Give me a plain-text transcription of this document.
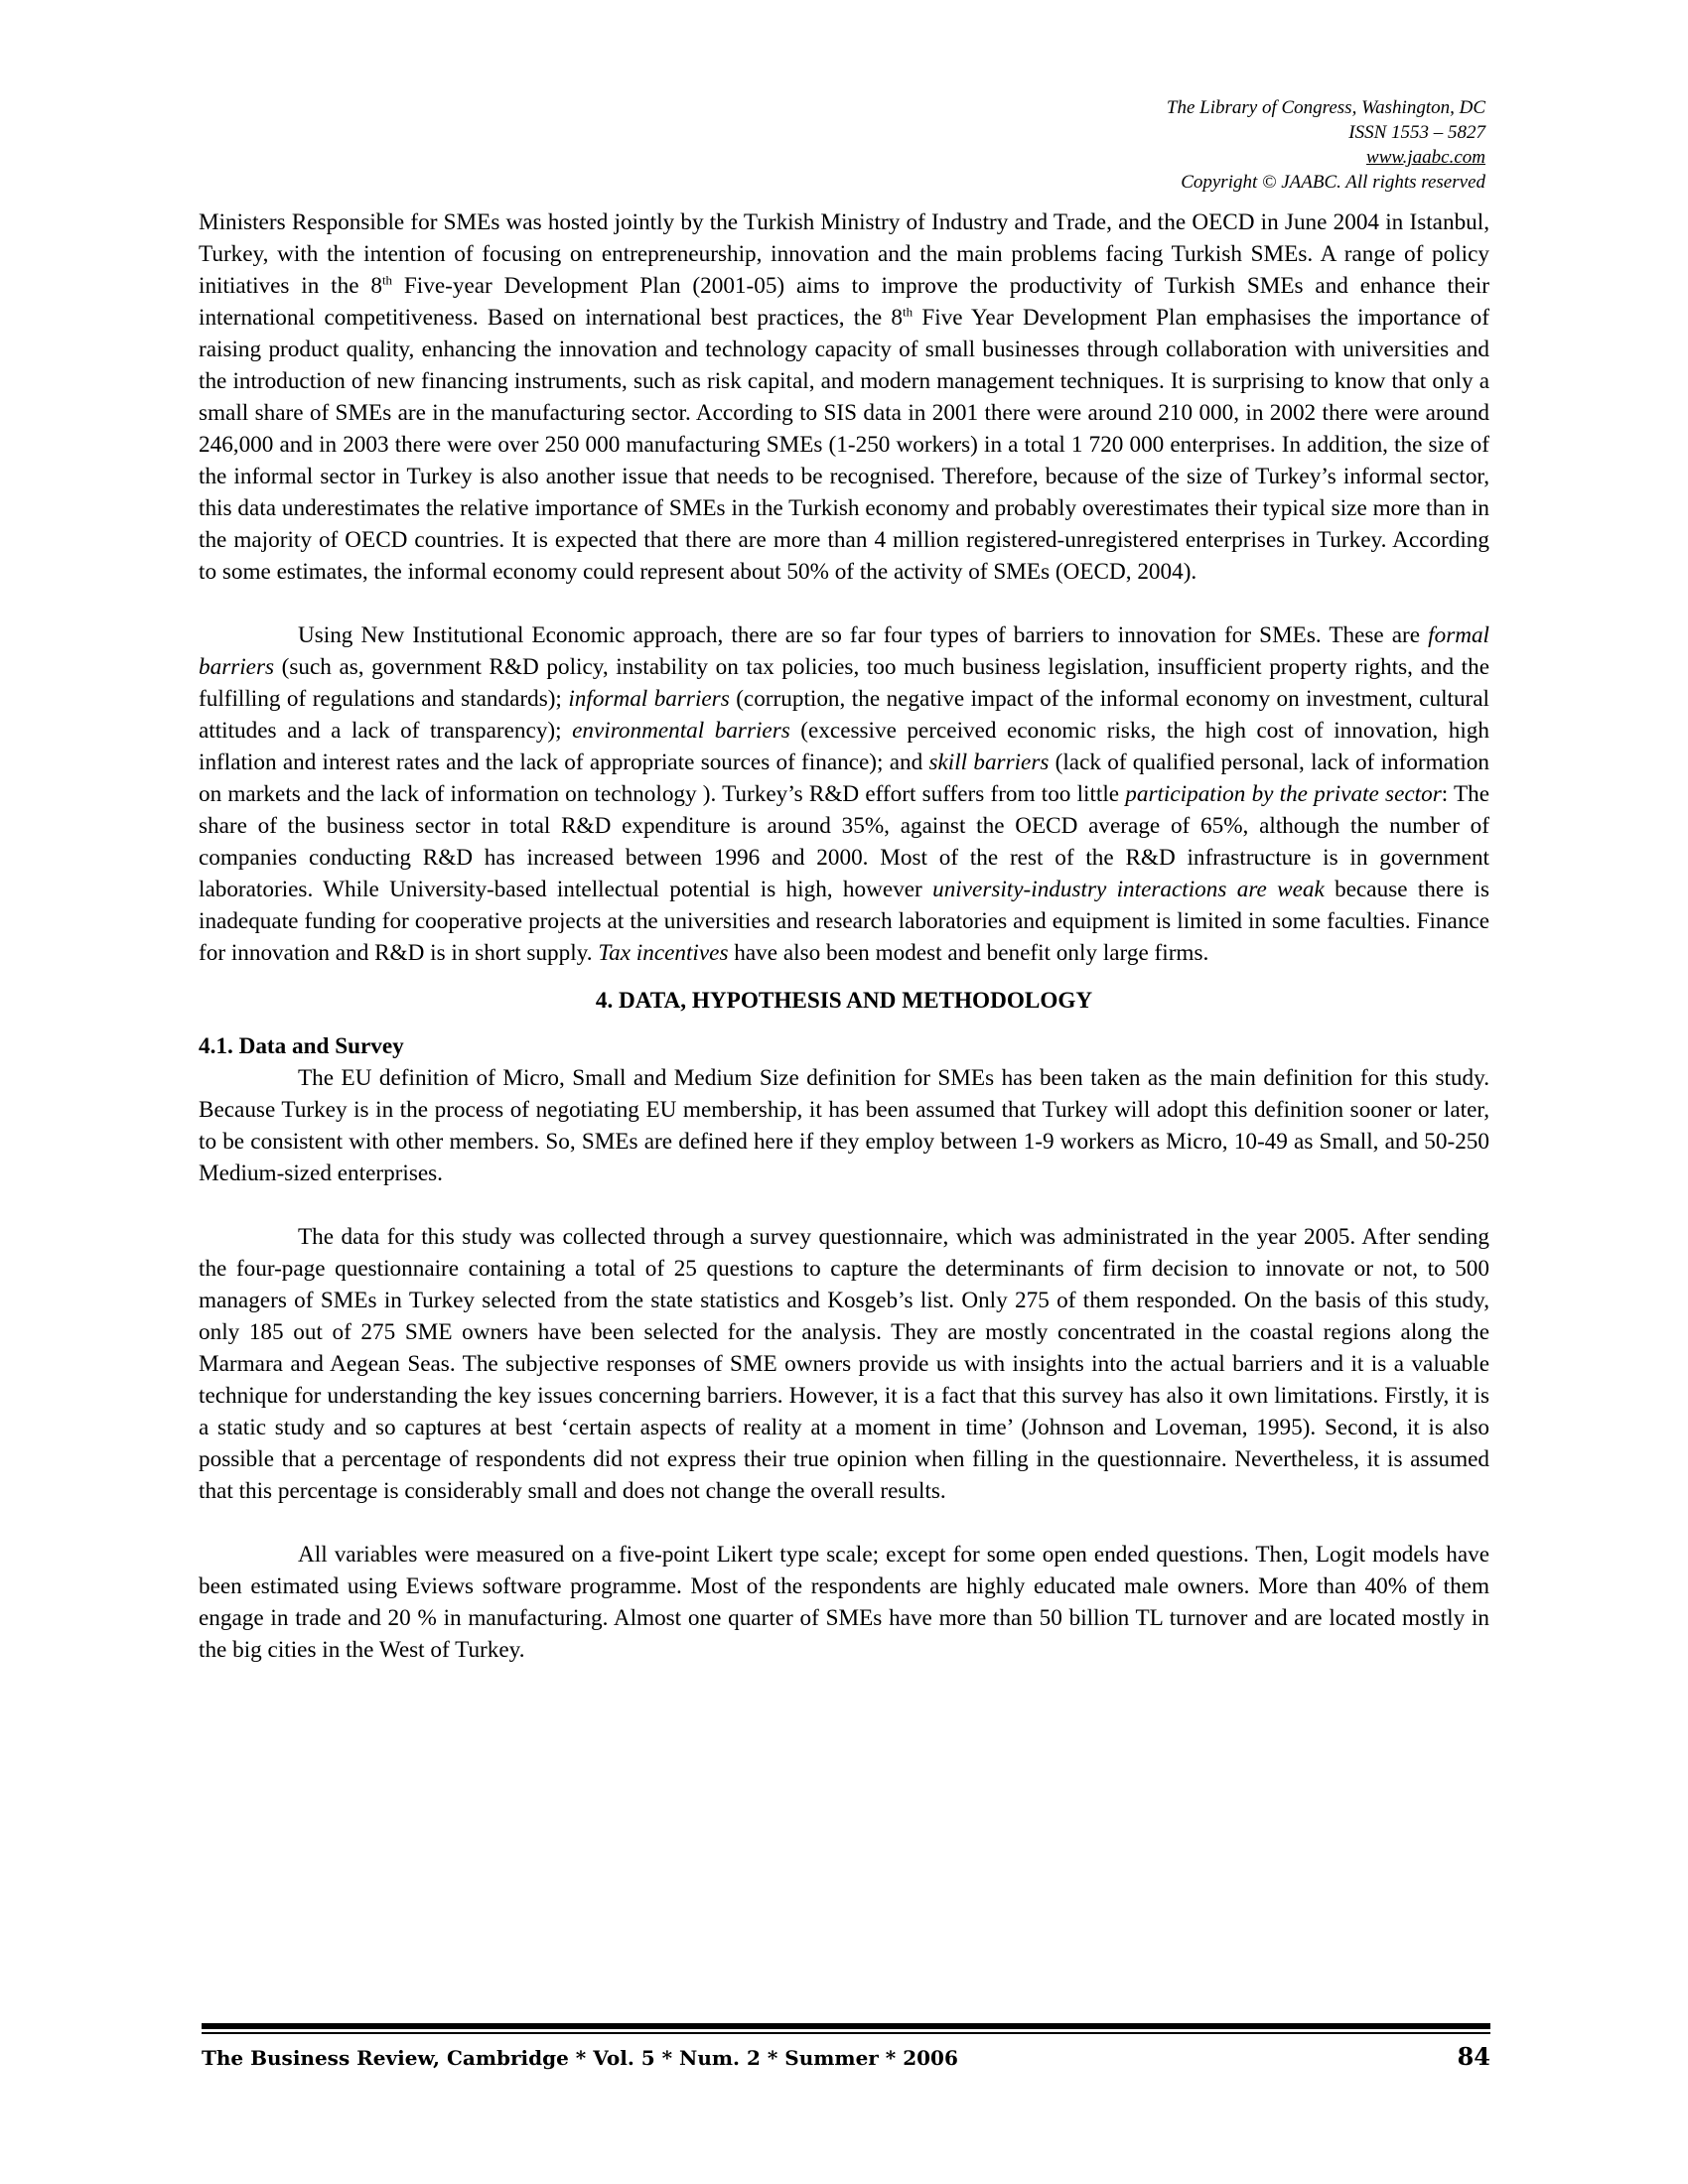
The Library of Congress, Washington, DC
ISSN 1553 – 5827
www.jaabc.com
Copyright © JAABC. All rights reserved

Ministers Responsible for SMEs was hosted jointly by the Turkish Ministry of Industry and Trade, and the OECD in June 2004 in Istanbul, Turkey, with the intention of focusing on entrepreneurship, innovation and the main problems facing Turkish SMEs. A range of policy initiatives in the 8th Five-year Development Plan (2001-05) aims to improve the productivity of Turkish SMEs and enhance their international competitiveness. Based on international best practices, the 8th Five Year Development Plan emphasises the importance of raising product quality, enhancing the innovation and technology capacity of small businesses through collaboration with universities and the introduction of new financing instruments, such as risk capital, and modern management techniques. It is surprising to know that only a small share of SMEs are in the manufacturing sector. According to SIS data in 2001 there were around 210 000, in 2002 there were around 246,000 and in 2003 there were over 250 000 manufacturing SMEs (1-250 workers) in a total 1 720 000 enterprises. In addition, the size of the informal sector in Turkey is also another issue that needs to be recognised. Therefore, because of the size of Turkey’s informal sector, this data underestimates the relative importance of SMEs in the Turkish economy and probably overestimates their typical size more than in the majority of OECD countries. It is expected that there are more than 4 million registered-unregistered enterprises in Turkey. According to some estimates, the informal economy could represent about 50% of the activity of SMEs (OECD, 2004).

Using New Institutional Economic approach, there are so far four types of barriers to innovation for SMEs. These are formal barriers (such as, government R&D policy, instability on tax policies, too much business legislation, insufficient property rights, and the fulfilling of regulations and standards); informal barriers (corruption, the negative impact of the informal economy on investment, cultural attitudes and a lack of transparency); environmental barriers (excessive perceived economic risks, the high cost of innovation, high inflation and interest rates and the lack of appropriate sources of finance); and skill barriers (lack of qualified personal, lack of information on markets and the lack of information on technology ). Turkey’s R&D effort suffers from too little participation by the private sector: The share of the business sector in total R&D expenditure is around 35%, against the OECD average of 65%, although the number of companies conducting R&D has increased between 1996 and 2000. Most of the rest of the R&D infrastructure is in government laboratories. While University-based intellectual potential is high, however university-industry interactions are weak because there is inadequate funding for cooperative projects at the universities and research laboratories and equipment is limited in some faculties. Finance for innovation and R&D is in short supply. Tax incentives have also been modest and benefit only large firms.

4. DATA, HYPOTHESIS AND METHODOLOGY

4.1. Data and Survey

The EU definition of Micro, Small and Medium Size definition for SMEs has been taken as the main definition for this study. Because Turkey is in the process of negotiating EU membership, it has been assumed that Turkey will adopt this definition sooner or later, to be consistent with other members. So, SMEs are defined here if they employ between 1-9 workers as Micro, 10-49 as Small, and 50-250 Medium-sized enterprises.

The data for this study was collected through a survey questionnaire, which was administrated in the year 2005. After sending the four-page questionnaire containing a total of 25 questions to capture the determinants of firm decision to innovate or not, to 500 managers of SMEs in Turkey selected from the state statistics and Kosgeb’s list. Only 275 of them responded. On the basis of this study, only 185 out of 275 SME owners have been selected for the analysis. They are mostly concentrated in the coastal regions along the Marmara and Aegean Seas. The subjective responses of SME owners provide us with insights into the actual barriers and it is a valuable technique for understanding the key issues concerning barriers. However, it is a fact that this survey has also it own limitations. Firstly, it is a static study and so captures at best ‘certain aspects of reality at a moment in time’ (Johnson and Loveman, 1995). Second, it is also possible that a percentage of respondents did not express their true opinion when filling in the questionnaire. Nevertheless, it is assumed that this percentage is considerably small and does not change the overall results.

All variables were measured on a five-point Likert type scale; except for some open ended questions. Then, Logit models have been estimated using Eviews software programme. Most of the respondents are highly educated male owners. More than 40% of them engage in trade and 20 % in manufacturing. Almost one quarter of SMEs have more than 50 billion TL turnover and are located mostly in the big cities in the West of Turkey.

The Business Review, Cambridge * Vol. 5 * Num. 2 * Summer * 2006	84
